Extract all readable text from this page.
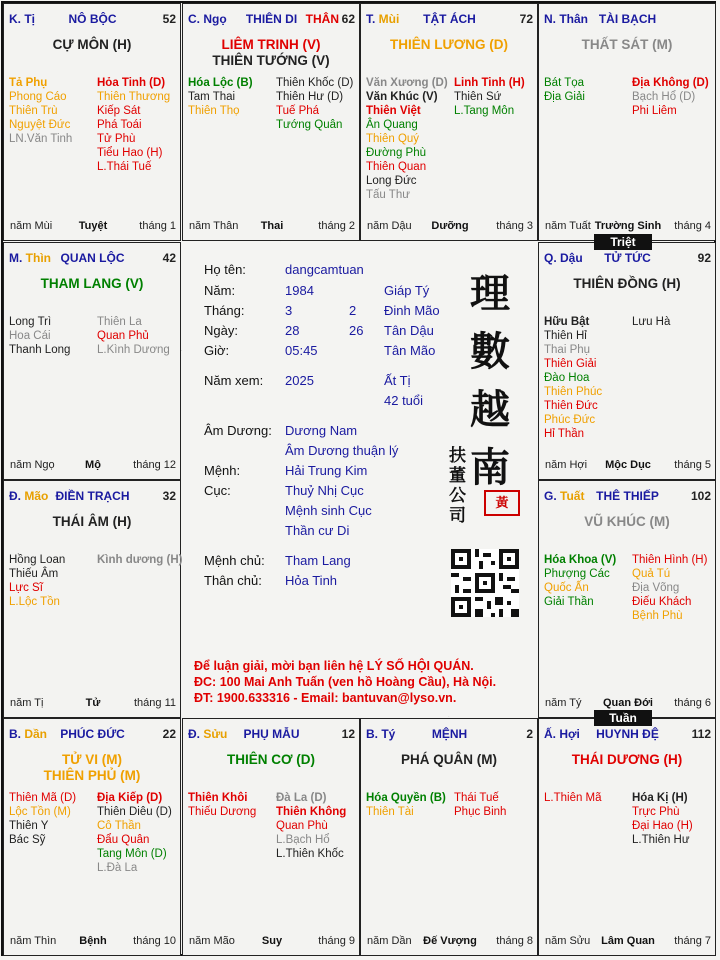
NÔ BỘC
K. Tị	52
CỰ MÔN (H)
Tả Phụ
Phong Cáo
Thiên Trù
Nguyệt Đức
LN.Văn Tinh
Hỏa Tinh (D)
Thiên Thương
Kiếp Sát
Phá Toái
Tử Phù
Tiểu Hao (H)
L.Thái Tuế
Tuyệt
năm Mùi	tháng 1
THIÊN DI
C. Ngọ	THÂN 62
LIÊM TRINH (V)
THIÊN TƯỚNG (V)
Hóa Lộc (B)
Tam Thai
Thiên Thọ
Thiên Khốc (D)
Thiên Hư (D)
Tuế Phá
Tướng Quân
Thai
năm Thân	tháng 2
TẬT ÁCH
T. Mùi	72
THIÊN LƯƠNG (D)
Văn Xương (D)
Văn Khúc (V)
Thiên Việt
Ân Quang
Thiên Quý
Đường Phù
Thiên Quan
Long Đức
Tấu Thư
Linh Tinh (H)
Thiên Sứ
L.Tang Môn
Dưỡng
năm Dậu	tháng 3
TÀI BẠCH
N. Thân
THẤT SÁT (M)
Bát Tọa
Địa Giải
Địa Không (D)
Bạch Hổ (D)
Phi Liêm
Trường Sinh
năm Tuất	tháng 4
QUAN LỘC
M. Thìn	42
THAM LANG (V)
Long Trì
Hoa Cái
Thanh Long
Thiên La
Quan Phủ
L.Kình Dương
Mộ
năm Ngọ	tháng 12
TỬ TỨC
Q. Dậu	92
THIÊN ĐỒNG (H)
Hữu Bật
Thiên Hỉ
Thai Phụ
Thiên Giải
Đào Hoa
Thiên Phúc
Thiên Đức
Phúc Đức
Hỉ Thần
Lưu Hà
Mộc Dục
năm Hợi	tháng 5
ĐIỀN TRẠCH
Đ. Mão	32
THÁI ÂM (H)
Hồng Loan
Thiếu Âm
Lực Sĩ
L.Lộc Tồn
Kình dương (H)
Tử
năm Tị	tháng 11
THÊ THIẾP
G. Tuất	102
VŨ KHÚC (M)
Hóa Khoa (V)
Phượng Các
Quốc Ấn
Giải Thần
Thiên Hình (H)
Quả Tú
Địa Võng
Điếu Khách
Bệnh Phù
Quan Đới
năm Tý	tháng 6
PHÚC ĐỨC
B. Dần	22
TỬ VI (M)
THIÊN PHỦ (M)
Thiên Mã (D)
Lộc Tồn (M)
Thiên Y
Bác Sỹ
Địa Kiếp (D)
Thiên Diêu (D)
Cô Thần
Đẩu Quân
Tang Môn (D)
L.Đà La
Bệnh
năm Thìn	tháng 10
PHỤ MẪU
Đ. Sửu	12
THIÊN CƠ (D)
Thiên Khôi
Thiếu Dương
Đà La (D)
Thiên Không
Quan Phù
L.Bạch Hổ
L.Thiên Khốc
Suy
năm Mão	tháng 9
MỆNH
B. Tý	2
PHÁ QUÂN (M)
Hóa Quyền (B)
Thiên Tài
Thái Tuế
Phục Binh
Đế Vượng
năm Dần	tháng 8
HUYNH ĐỆ
Ấ. Hợi	112
THÁI DƯƠNG (H)
L.Thiên Mã	Hóa Kị (H)
Trực Phù
Đại Hao (H)
L.Thiên Hư
Lâm Quan
năm Sửu	tháng 7
Họ tên:	dangcamtuan
Năm:	1984	Giáp Tý
Tháng:	3	2 Đinh Mão
Ngày:	28	26 Tân Dậu
Giờ:	05:45	Tân Mão
Năm xem: 2025	Ất Tị
42 tuổi
Âm Dương: Dương Nam
Âm Dương thuận lý
Mệnh:	Hải Trung Kim
Cục:	Thuỷ Nhị Cục
Mệnh sinh Cục
Thần cư Di
Mệnh chủ: Tham Lang
Thân chủ: Hỏa Tinh
理
數
越
南
扶
董
公
司
黃
Để luận giải, mời bạn liên hệ LÝ SỐ HỘI QUÁN.
ĐC: 100 Mai Anh Tuấn (ven hồ Hoàng Cầu), Hà Nội.
ĐT: 1900.633316 - Email: bantuvan@lyso.vn.
Triệt
Tuần
